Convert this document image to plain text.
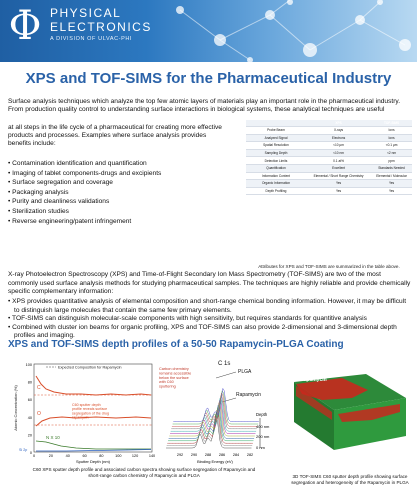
Φ PHYSICAL
ELECTRONICS
A DIVISION OF ULVAC-PHI
XPS and TOF-SIMS for the Pharmaceutical Industry
Surface analysis techniques which analyze the top few atomic layers of materials play an important role in the pharmaceutical industry. From production quality control to understanding surface interactions in biological systems, these analytical techniques are useful
at all steps in the life cycle of a pharmaceutical for creating more effective products and processes. Examples where surface analysis provides benefits include:
• Contamination identification and quantification
• Imaging of tablet components-drugs and excipients
• Surface segregation and coverage
• Packaging analysis
• Purity and cleanliness validations
• Sterilization studies
• Reverse engineering/patent infringement
	XPS	TOF-SIMS
Probe Beam	X-rays	Ions
Analyzed Signal	Electrons	Ions
Spatial Resolution	<10 µm	<0.1 µm
Sampling Depth	<10 nm	<2 nm
Detection Limits	0.1 at%	ppm
Quantification	Excellent	Standards Needed
Information Content	Elemental / Short Range Chemistry	Elemental / Molecular
Organic Information	Yes	Yes
Depth Profiling	Yes	Yes
Attributes for XPS and TOF-SIMS are summarized in the table above.
X-ray Photoelectron Spectroscopy (XPS) and Time-of-Flight Secondary Ion Mass Spectrometry (TOF-SIMS) are two of the most commonly used surface analysis methods for studying pharmaceutical samples. The techniques are highly reliable and provide chemically specific complementary information:
• XPS provides quantitative analysis of elemental composition and short-range chemical bonding information. However, it may be difficult to distinguish large molecules that contain the same few primary elements.
• TOF-SIMS can distinguish molecular-scale components with high sensitivity, but requires standards for quantitive analysis
• Combined with cluster ion beams for organic profiling, XPS and TOF-SIMS can also provide 2-dimensional and 3-dimensional depth profiles and imaging.
XPS and TOF-SIMS depth profiles of a 50-50 Rapamycin-PLGA Coating
Expected Composition for Rapamycin
C
O
N X 10
Si 2p
C60 sputter depth profile reveals surface segregation of the drug rapamycin
Atomic Concentration (%)
100
80
60
40
20
0
0	20	40	60	80	100	120	140
Sputter Depth (nm)
C 1s
PLGA
Rapamycin
Carbon chemistry remains accessible below the surface with C60 sputtering
Depth
400 nm
200 nm
0 nm
292 290 288 286 284 282
Binding Energy (eV)
Rapamycin
C60 XPS sputter depth profile and associated carbon spectra showing surface segregation of Rapamycin and short-range carbon chemistry of Rapamycin and PLGA	3D TOF-SIMS C60 sputter depth profile showing surface segregation and heterogeneity of the Rapamycin in PLGA
